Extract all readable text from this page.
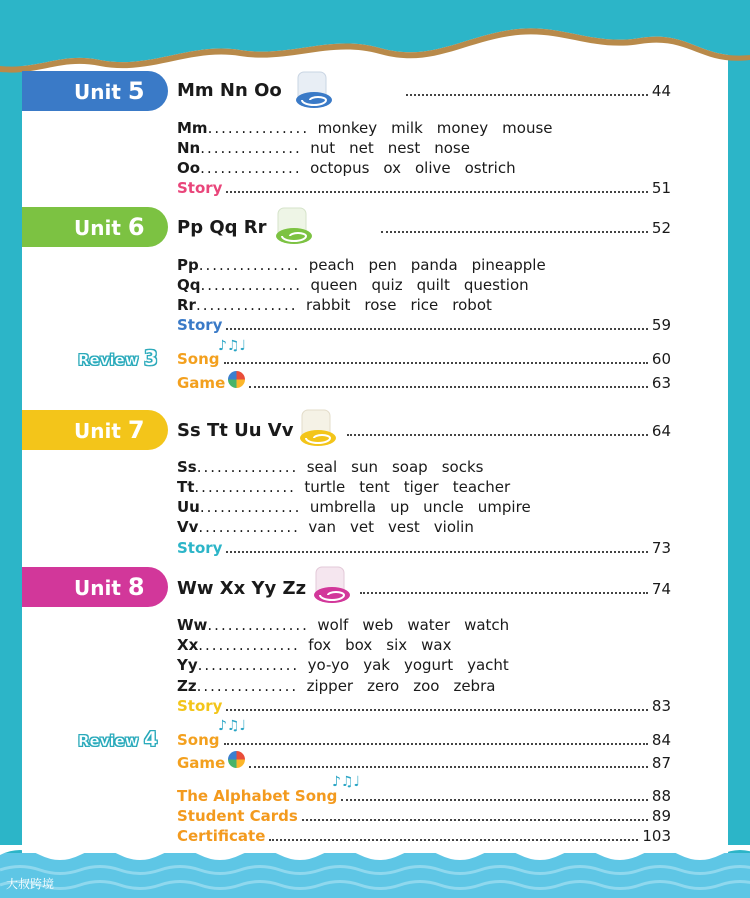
大叔跨境
Unit 5 Mm Nn Oo	44
Mm ............... monkey milk money mouse
Nn ............... nut net nest nose
Oo ............... octopus ox olive ostrich
Story	51
Unit 6 Pp Qq Rr	52
Pp ............... peach pen panda pineapple
Qq ............... queen quiz quilt question
Rr ............... rabbit rose rice robot
Story	59
Review 3	♪♫♩
Song	60
Game	63
Unit 7 Ss Tt Uu Vv	64
Ss ............... seal sun soap socks
Tt ............... turtle tent tiger teacher
Uu ............... umbrella up uncle umpire
Vv ............... van vet vest violin
Story	73
Unit 8 Ww Xx Yy Zz	74
Ww ............... wolf web water watch
Xx ............... fox box six wax
Yy ............... yo-yo yak yogurt yacht
Zz ............... zipper zero zoo zebra
Story	83
Review 4
♪♫♩
Song	84
Game	87
♪♫♩
The Alphabet Song	88
Student Cards	89
Certificate	103
